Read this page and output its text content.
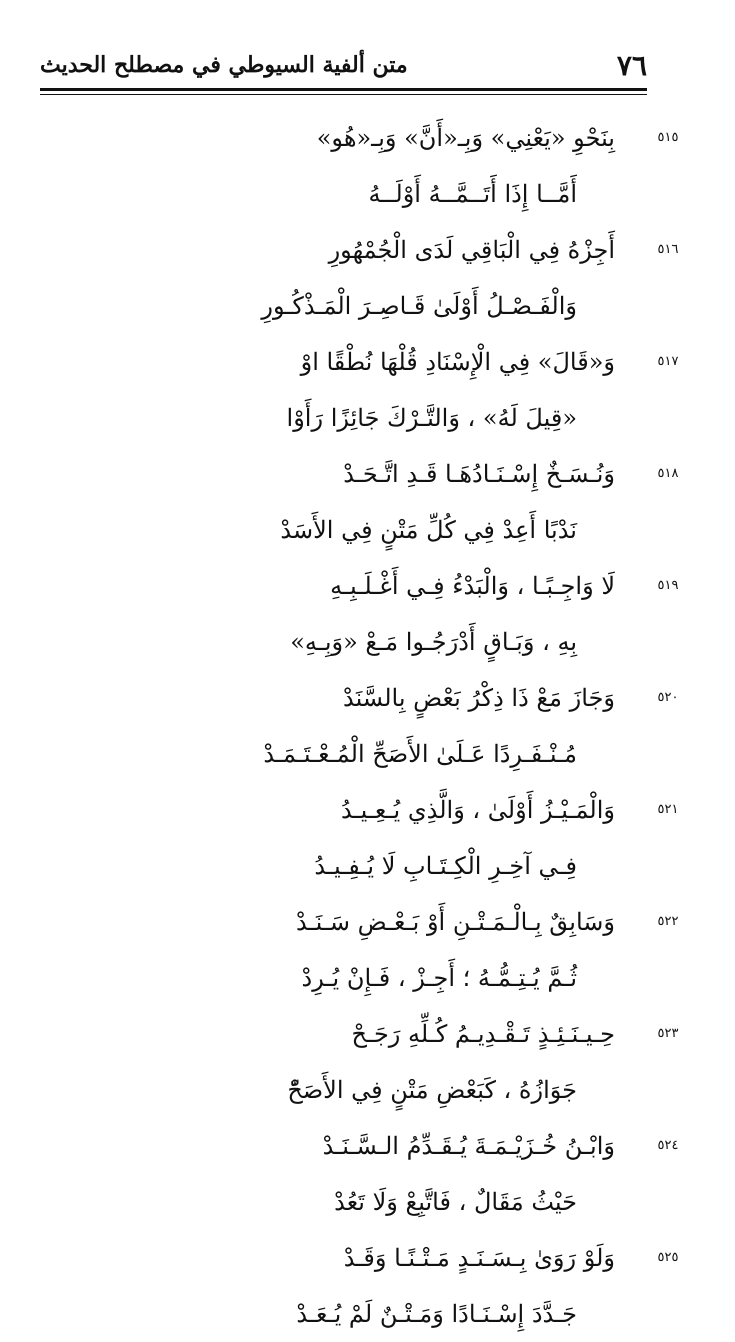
٧٦
متن ألفية السيوطي في مصطلح الحديث
٥١٥
بِنَحْوِ «يَعْنِي» وَبِـ«أَنَّ» وَبِـ«هُو»
أَمَّــا إِذَا أَتَــمَّــهُ أَوْلَــهُ
٥١٦
أَجِزْهُ فِي الْبَاقِي لَدَى الْجُمْهُورِ
وَالْفَـصْـلُ أَوْلَىٰ قَـاصِـرَ الْمَـذْكُـورِ
٥١٧
وَ«قَالَ» فِي الْإِسْنَادِ قُلْهَا نُطْقًا اوْ
«قِيلَ لَهُ» ، وَالتَّـرْكَ جَائِزًا رَأَوْا
٥١٨
وَنُـسَـخٌ إِسْـنَـادُهَـا قَـدِ اتَّـحَـدْ
نَدْبًا أَعِدْ فِي كُلِّ مَتْنٍ فِي الأَسَدْ
٥١٩
لَا وَاجِـبًـا ، وَالْبَدْءُ فِـي أَغْـلَـبِـهِ
بِهِ ، وَبَـاقٍ أَدْرَجُـوا مَـعْ «وَبِـهِ»
٥٢٠
وَجَازَ مَعْ ذَا ذِكْرُ بَعْضٍ بِالسَّنَدْ
مُـنْـفَـرِدًا عَـلَىٰ الأَصَحِّ الْمُـعْـتَـمَـدْ
٥٢١
وَالْمَـيْـزُ أَوْلَىٰ ، وَالَّذِي يُـعِـيـدُ
فِـي آخِـرِ الْكِـتَـابِ لَا يُـفِـيـدُ
٥٢٢
وَسَابِقٌ بِـالْـمَـتْـنِ أَوْ بَـعْـضِ سَـنَـدْ
ثُـمَّ يُـتِـمُّـهُ ؛ أَجِـزْ ، فَـإِنْ يُـرِدْ
٥٢٣
حِـيـنَـئِـذٍ تَـقْـدِيـمُ كُـلِّهِ رَجَـحْ
جَوَازُهُ ، كَبَعْضِ مَتْنٍ فِي الأَصَحّْ
٥٢٤
وَابْـنُ خُـزَيْـمَـةَ يُـقَـدِّمُ الـسَّـنَـدْ
حَيْثُ مَقَالٌ ، فَاتَّبِعْ وَلَا تَعُدْ
٥٢٥
وَلَوْ رَوَىٰ بِـسَـنَـدٍ مَـتْـنًـا وَقَـدْ
جَـدَّدَ إِسْـنَـادًا وَمَـتْـنٌ لَمْ يُـعَـدْ
